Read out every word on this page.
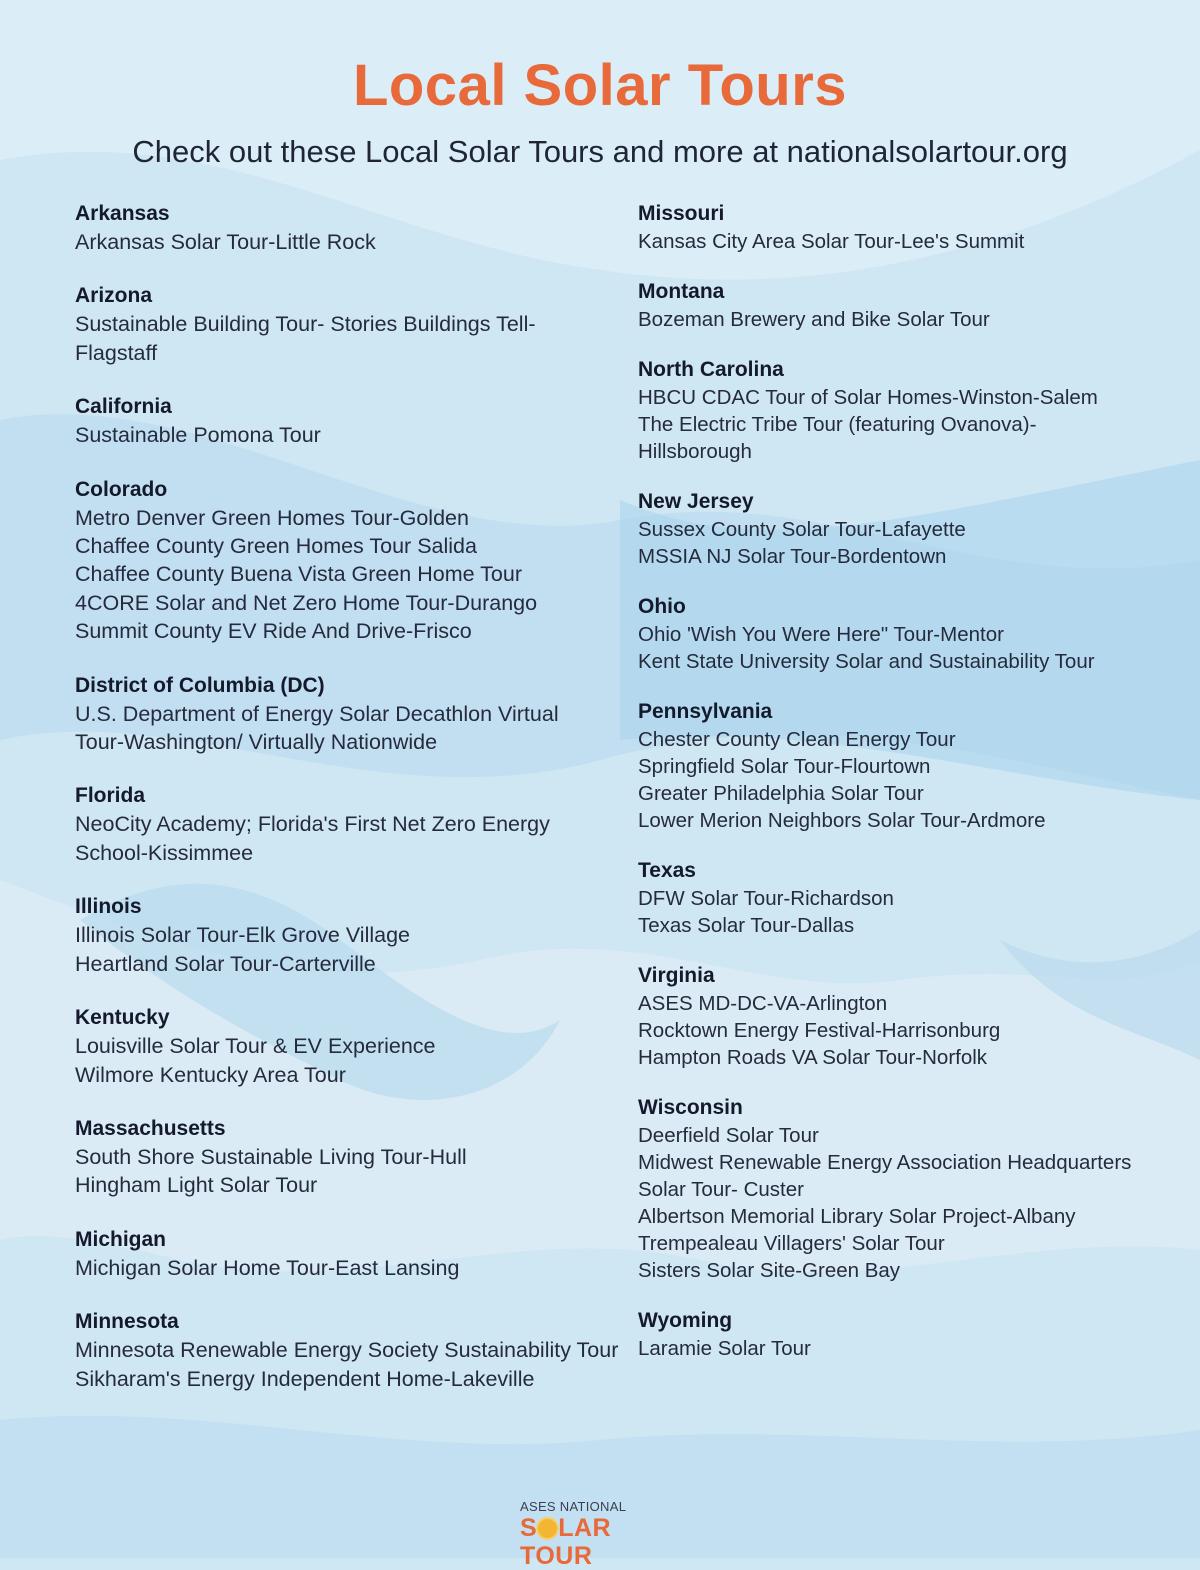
Local Solar Tours
Check out these Local Solar Tours and more at nationalsolartour.org
Arkansas
Arkansas Solar Tour-Little Rock
Arizona
Sustainable Building Tour- Stories Buildings Tell-
Flagstaff
California
Sustainable Pomona Tour
Colorado
Metro Denver Green Homes Tour-Golden
Chaffee County Green Homes Tour Salida
Chaffee County Buena Vista Green Home Tour
4CORE Solar and Net Zero Home Tour-Durango
Summit County EV Ride And Drive-Frisco
District of Columbia (DC)
U.S. Department of Energy Solar Decathlon Virtual
Tour-Washington/ Virtually Nationwide
Florida
NeoCity Academy; Florida's First Net Zero Energy
School-Kissimmee
Illinois
Illinois Solar Tour-Elk Grove Village
Heartland Solar Tour-Carterville
Kentucky
Louisville Solar Tour & EV Experience
Wilmore Kentucky Area Tour
Massachusetts
South Shore Sustainable Living Tour-Hull
Hingham Light Solar Tour
Michigan
Michigan Solar Home Tour-East Lansing
Minnesota
Minnesota Renewable Energy Society Sustainability Tour
Sikharam's Energy Independent Home-Lakeville
Missouri
Kansas City Area Solar Tour-Lee's Summit
Montana
Bozeman Brewery and Bike Solar Tour
North Carolina
HBCU CDAC Tour of Solar Homes-Winston-Salem
The Electric Tribe Tour (featuring Ovanova)-
Hillsborough
New Jersey
Sussex County Solar Tour-Lafayette
MSSIA NJ Solar Tour-Bordentown
Ohio
Ohio 'Wish You Were Here" Tour-Mentor
Kent State University Solar and Sustainability Tour
Pennsylvania
Chester County Clean Energy Tour
Springfield Solar Tour-Flourtown
Greater Philadelphia Solar Tour
Lower Merion Neighbors Solar Tour-Ardmore
Texas
DFW Solar Tour-Richardson
Texas Solar Tour-Dallas
Virginia
ASES MD-DC-VA-Arlington
Rocktown Energy Festival-Harrisonburg
Hampton Roads VA Solar Tour-Norfolk
Wisconsin
Deerfield Solar Tour
Midwest Renewable Energy Association Headquarters
Solar Tour- Custer
Albertson Memorial Library Solar Project-Albany
Trempealeau Villagers' Solar Tour
Sisters Solar Site-Green Bay
Wyoming
Laramie Solar Tour
ASES NATIONAL
S LAR TOUR
